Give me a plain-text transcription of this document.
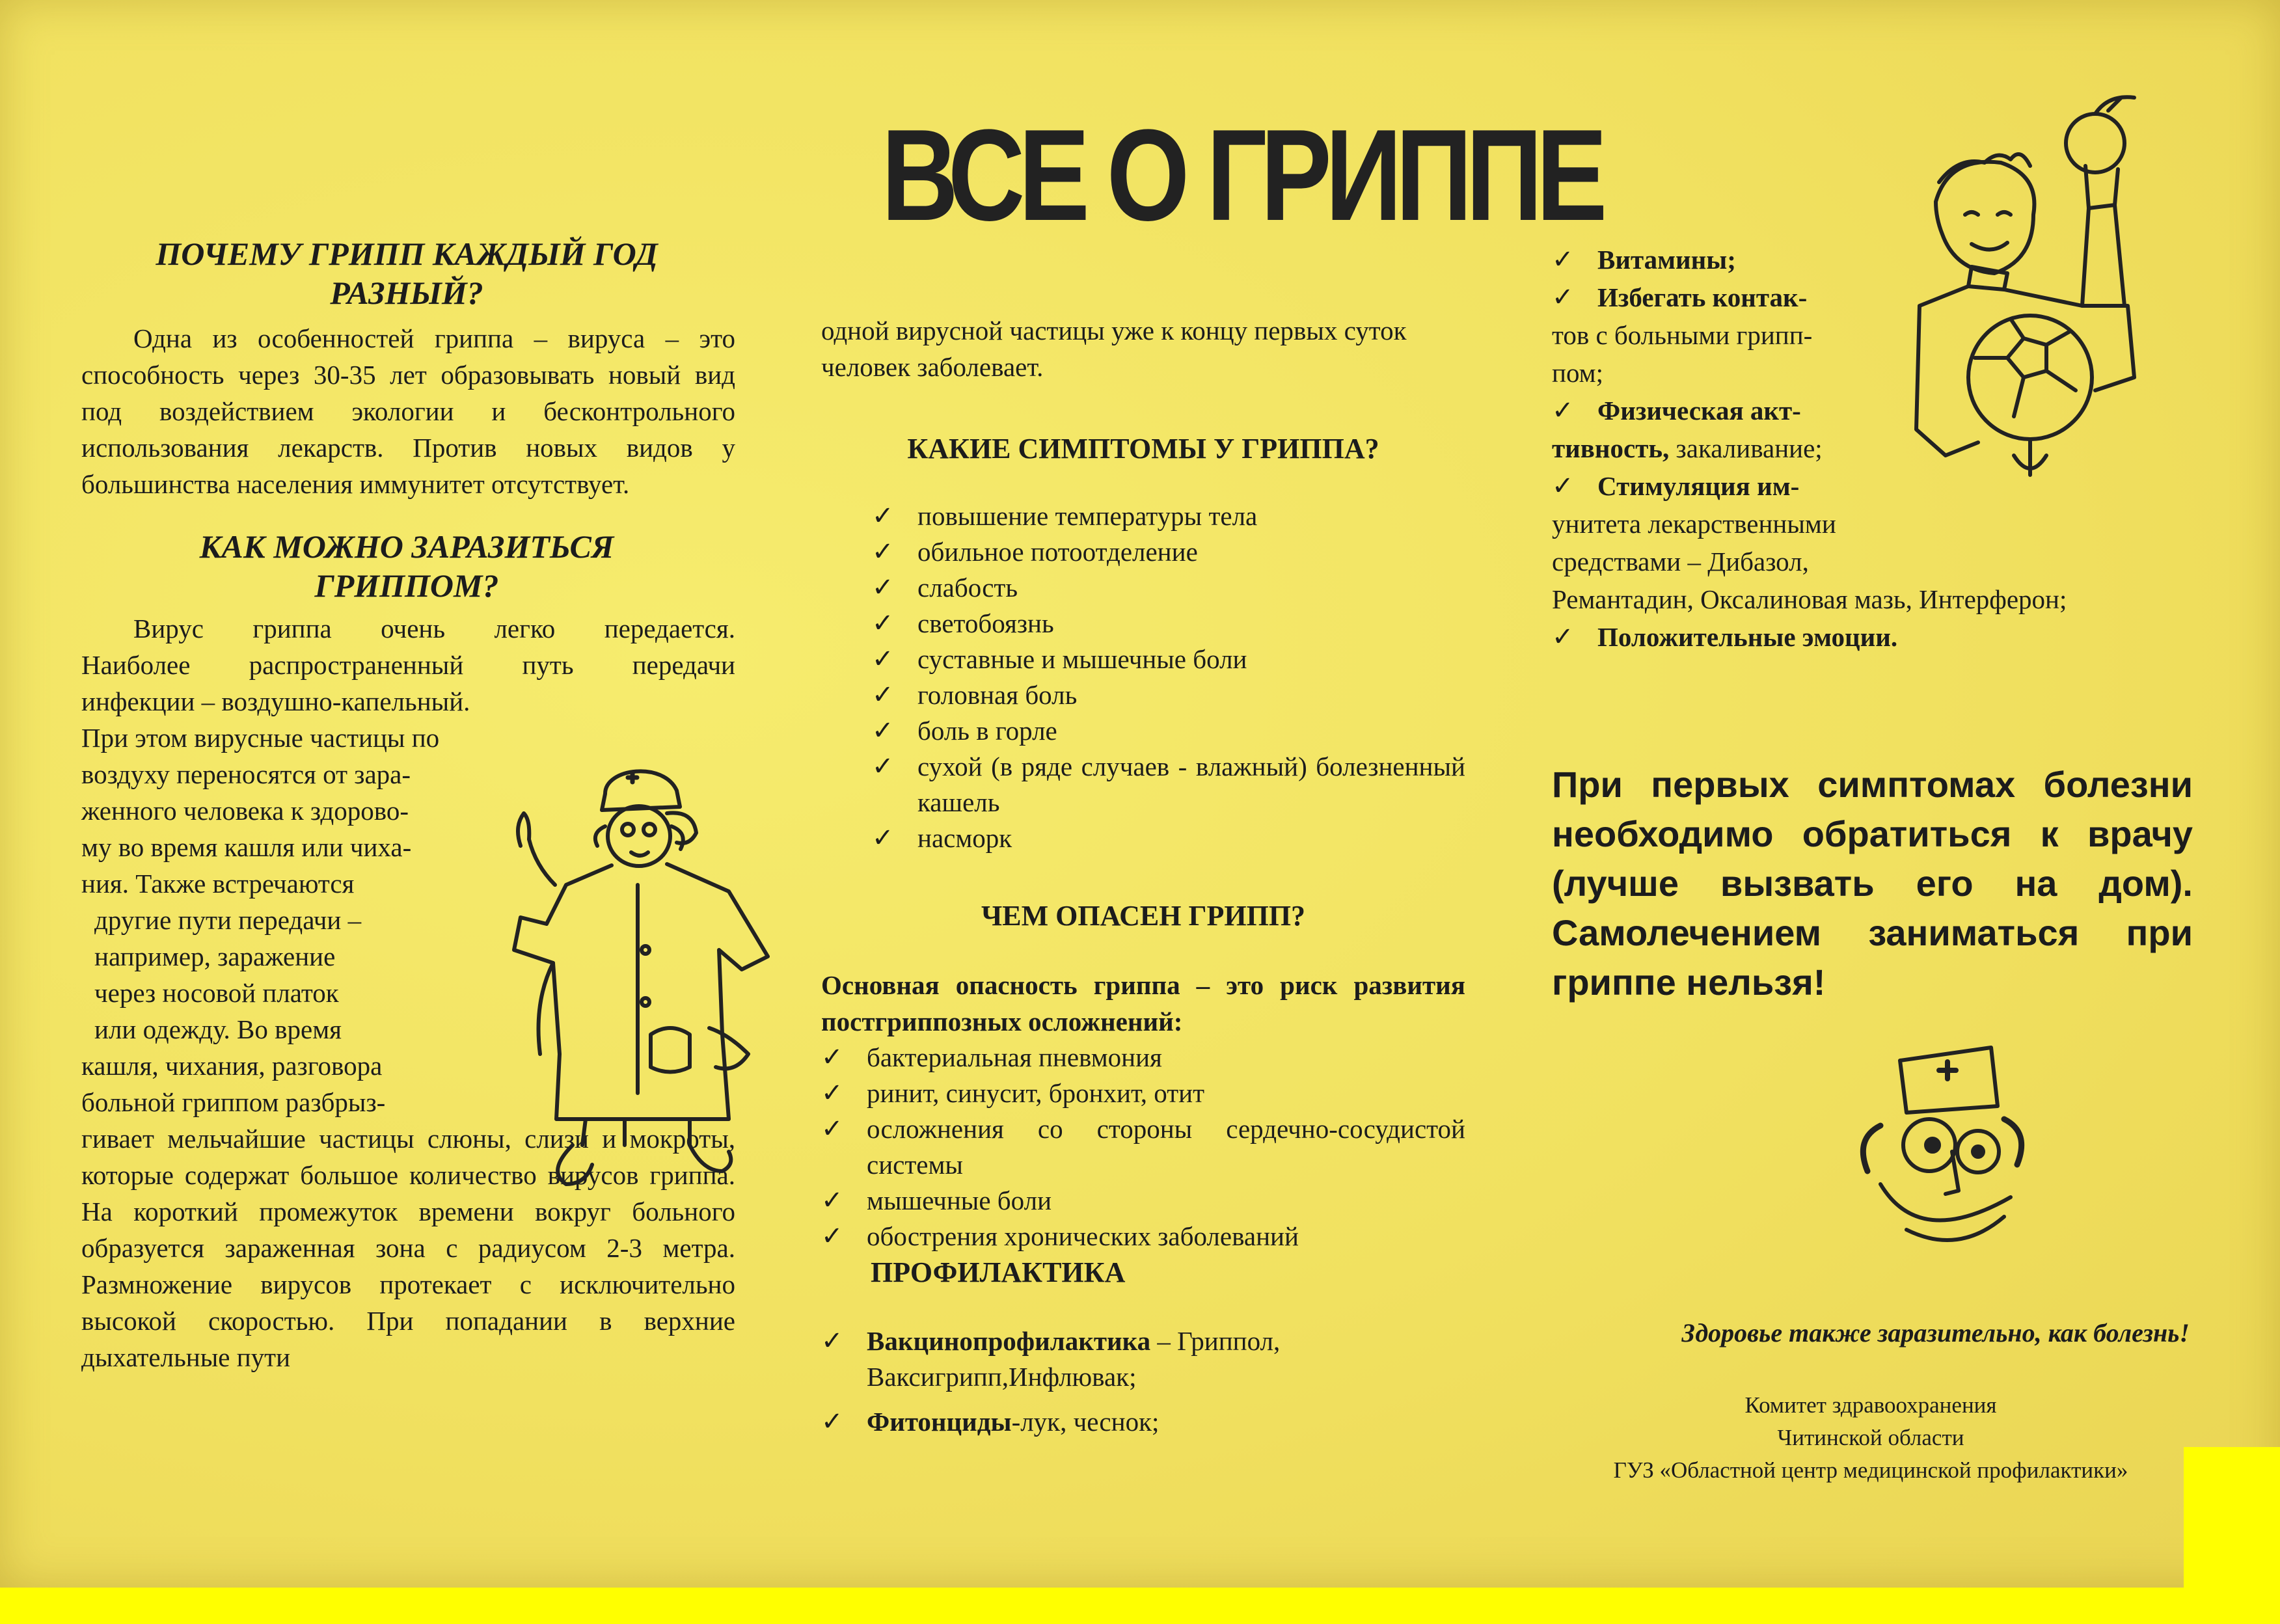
ВСЕ О ГРИППЕ
ПОЧЕМУ ГРИПП КАЖДЫЙ ГОД РАЗНЫЙ?

Одна из особенностей гриппа – вируса – это способность через 30-35 лет образовывать новый вид под воздействием экологии и бесконтрольного использования лекарств. Против новых видов у большинства населения иммунитет отсутствует.

КАК МОЖНО ЗАРАЗИТЬСЯ ГРИППОМ?
Вирус гриппа очень легко передается.
Наиболее распространенный путь передачи
инфекции – воздушно-капельный.
При этом вирусные частицы по
воздуху переносятся от зара-
женного человека к здорово-
му во время кашля или чиха-
ния. Также встречаются
другие пути передачи –
например, заражение
через носовой платок
или одежду. Во время
кашля, чихания, разговора
больной гриппом разбрыз-

гивает мельчайшие частицы слюны, слизи и мокроты, которые содержат большое количество вирусов гриппа. На короткий промежуток времени вокруг больного образуется зараженная зона с радиусом 2-3 метра. Размножение вирусов протекает с исключительно высокой скоростью. При попадании в верхние дыхательные пути

одной вирусной частицы уже к концу первых суток человек заболевает.

КАКИЕ СИМПТОМЫ У ГРИППА?
✓ повышение температуры тела
✓ обильное потоотделение
✓ слабость
✓ светобоязнь
✓ суставные и мышечные боли
✓ головная боль
✓ боль в горле
✓ сухой (в ряде случаев - влажный) болезненный кашель
✓ насморк
ЧЕМ ОПАСЕН ГРИПП?

Основная опасность гриппа – это риск развития постгриппозных осложнений:

✓ бактериальная пневмония
✓ ринит, синусит, бронхит, отит
✓ осложнения со стороны сердечно-сосудистой системы
✓ мышечные боли
✓ обострения хронических заболеваний
ПРОФИЛАКТИКА
✓ Вакцинопрофилактика – Гриппол, Ваксигрипп,Инфлювак;
✓ Фитонциды-лук, чеснок;
✓ Витамины;
✓ Избегать контак-
тов с больными грипп-
пом;
✓ Физическая акт-
тивность, закаливание;
✓ Стимуляция им-
унитета лекарственными
средствами – Дибазол,
Ремантадин, Оксалиновая мазь, Интерферон;
✓ Положительные эмоции.

При первых симптомах болезни необходимо обратиться к врачу (лучше вызвать его на дом). Самолечением заниматься при гриппе нельзя!

Здоровье также заразительно, как болезнь!
Комитет здравоохранения
Читинской области
ГУЗ «Областной центр медицинской профилактики»
